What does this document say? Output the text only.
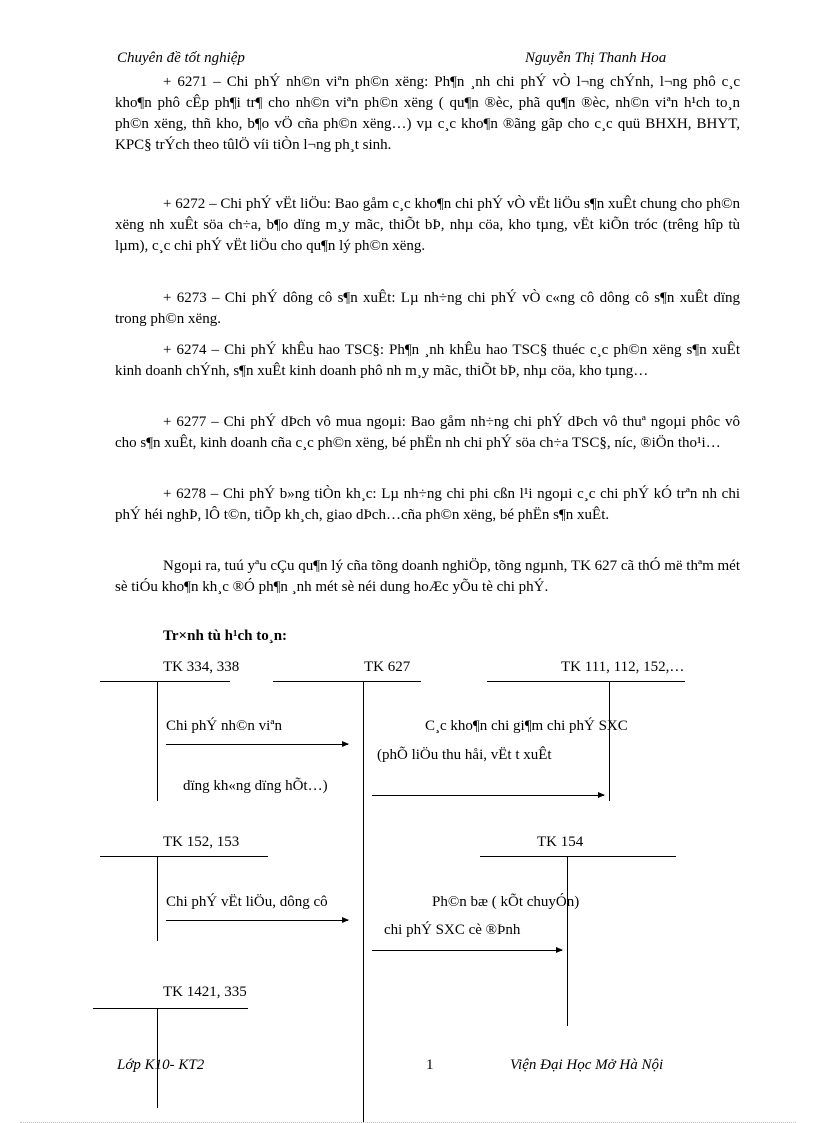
Chuyên đề tốt nghiệp	Nguyễn Thị Thanh Hoa

+ 6271 – Chi phÝ nh©n viªn ph©n xëng: Ph¶n ¸nh chi phÝ vÒ l¬ng chÝnh, l¬ng phô c¸c kho¶n phô cÊp ph¶i tr¶ cho nh©n viªn ph©n xëng ( qu¶n ®èc, phã qu¶n ®èc, nh©n viªn h¹ch to¸n ph©n xëng, thñ kho, b¶o vÖ cña ph©n xëng…) vµ c¸c kho¶n ®ãng gãp cho c¸c quü BHXH, BHYT, KPC§ trÝch theo tûlÖ víi tiÒn l¬ng ph¸t sinh.

+ 6272 – Chi phÝ vËt liÖu: Bao gåm c¸c kho¶n chi phÝ vÒ vËt liÖu s¶n xuÊt chung cho ph©n xëng nh xuÊt söa ch÷a, b¶o dïng m¸y mãc, thiÕt bÞ, nhµ cöa, kho tµng, vËt kiÕn tróc (trêng hîp tù lµm), c¸c chi phÝ vËt liÖu cho qu¶n lý ph©n xëng.

+ 6273 – Chi phÝ dông cô s¶n xuÊt: Lµ nh÷ng chi phÝ vÒ c«ng cô dông cô s¶n xuÊt dïng trong ph©n xëng.

+ 6274 – Chi phÝ khÊu hao TSC§: Ph¶n ¸nh khÊu hao TSC§ thuéc c¸c ph©n xëng s¶n xuÊt kinh doanh chÝnh, s¶n xuÊt kinh doanh phô nh m¸y mãc, thiÕt bÞ, nhµ cöa, kho tµng…

+ 6277 – Chi phÝ dÞch vô mua ngoµi: Bao gåm nh÷ng chi phÝ dÞch vô thuª ngoµi phôc vô cho s¶n xuÊt, kinh doanh cña c¸c ph©n xëng, bé phËn nh chi phÝ söa ch÷a TSC§, níc, ®iÖn tho¹i…

+ 6278 – Chi phÝ b»ng tiÒn kh¸c: Lµ nh÷ng chi phi cßn l¹i ngoµi c¸c chi phÝ kÓ trªn nh chi phÝ héi nghÞ, lÔ t©n, tiÕp kh¸ch, giao dÞch…cña ph©n xëng, bé phËn s¶n xuÊt.

Ngoµi ra, tuú yªu cÇu qu¶n lý cña tõng doanh nghiÖp, tõng ngµnh, TK 627 cã thÓ më thªm mét sè tiÓu kho¶n kh¸c ®Ó ph¶n ¸nh mét sè néi dung hoÆc yÕu tè chi phÝ.

Tr×nh tù h¹ch to¸n:
TK 334, 338	TK 627	TK 111, 112, 152,…
TK 152, 153	TK 154
TK 1421, 335
Chi phÝ nh©n viªn	C¸c kho¶n chi gi¶m chi phÝ SXC
(phÕ liÖu thu håi, vËt t xuÊt
dïng kh«ng dïng hÕt…)
Chi phÝ vËt liÖu, dông cô	Ph©n bæ ( kÕt chuyÓn)
chi phÝ SXC cè ®Þnh
Lớp K10- KT2	1	Viện Đại Học Mở Hà Nội
